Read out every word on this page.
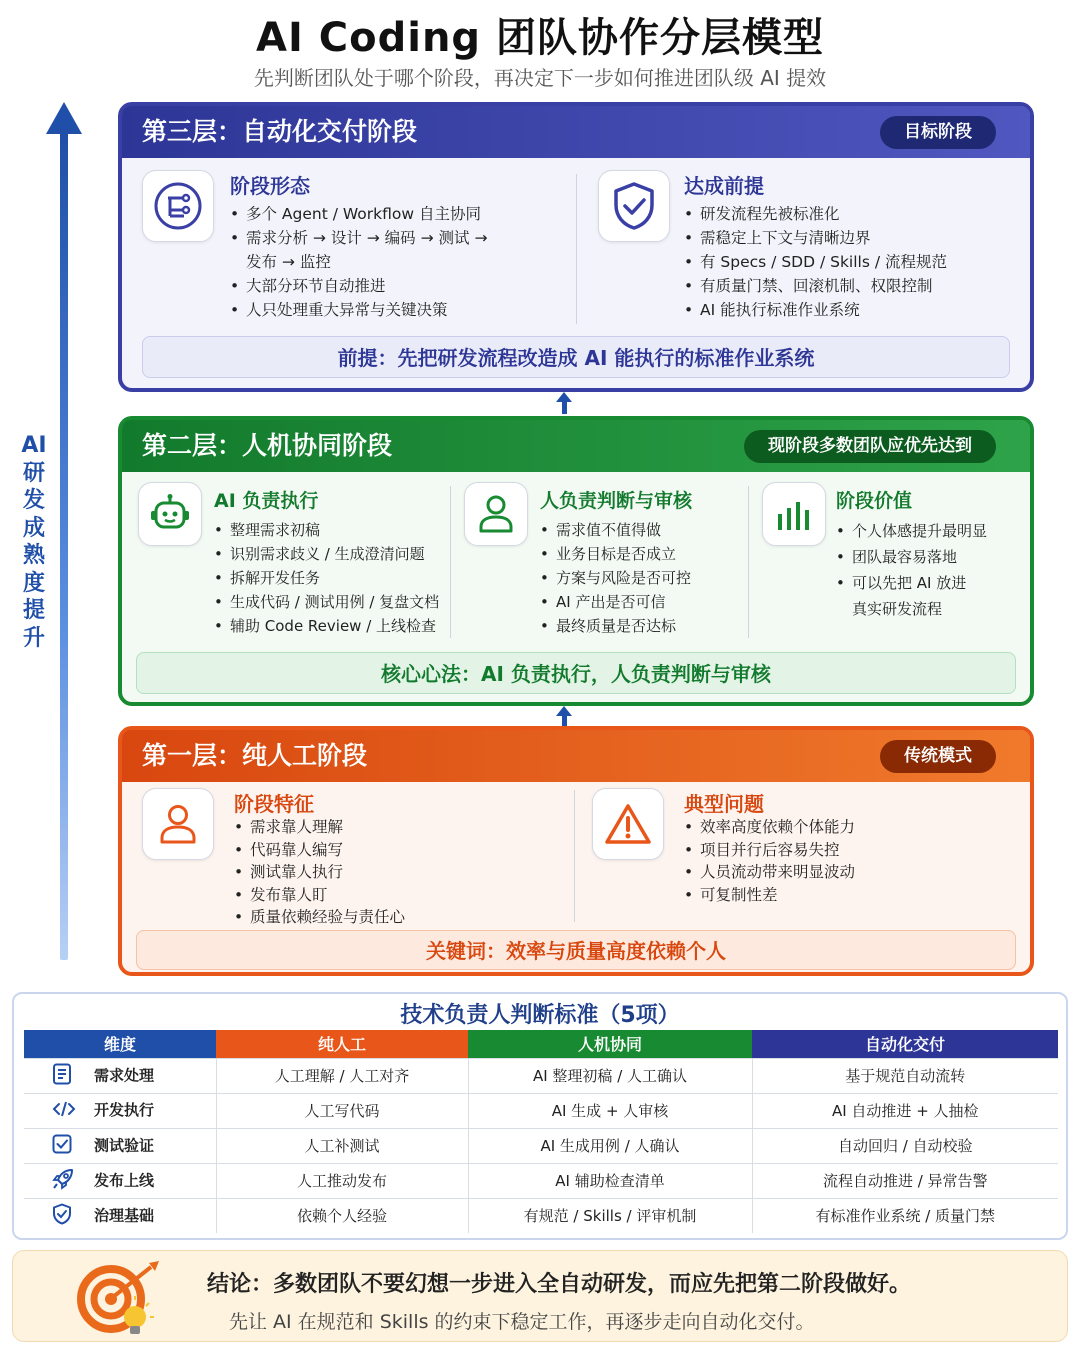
AI Coding 团队协作分层模型
先判断团队处于哪个阶段，再决定下一步如何推进团队级 AI 提效
AI研发成熟度提升
第三层：自动化交付阶段	目标阶段
阶段形态
• 多个 Agent / Workflow 自主协同
• 需求分析 → 设计 → 编码 → 测试 →
发布 → 监控
• 大部分环节自动推进
• 人只处理重大异常与关键决策
达成前提
• 研发流程先被标准化
• 需稳定上下文与清晰边界
• 有 Specs / SDD / Skills / 流程规范
• 有质量门禁、回滚机制、权限控制
• AI 能执行标准作业系统
前提：先把研发流程改造成 AI 能执行的标准作业系统
第二层：人机协同阶段	现阶段多数团队应优先达到
AI 负责执行
• 整理需求初稿
• 识别需求歧义 / 生成澄清问题
• 拆解开发任务
• 生成代码 / 测试用例 / 复盘文档
• 辅助 Code Review / 上线检查
人负责判断与审核
• 需求值不值得做
• 业务目标是否成立
• 方案与风险是否可控
• AI 产出是否可信
• 最终质量是否达标
阶段价值
• 个人体感提升最明显
• 团队最容易落地
• 可以先把 AI 放进
真实研发流程
核心心法：AI 负责执行，人负责判断与审核
第一层：纯人工阶段	传统模式
阶段特征
• 需求靠人理解
• 代码靠人编写
• 测试靠人执行
• 发布靠人盯
• 质量依赖经验与责任心
典型问题
• 效率高度依赖个体能力
• 项目并行后容易失控
• 人员流动带来明显波动
• 可复制性差
关键词：效率与质量高度依赖个人
技术负责人判断标准（5项）
维度	纯人工	人机协同	自动化交付
需求处理	人工理解 / 人工对齐	AI 整理初稿 / 人工确认	基于规范自动流转
开发执行	人工写代码	AI 生成 + 人审核	AI 自动推进 + 人抽检
测试验证	人工补测试	AI 生成用例 / 人确认	自动回归 / 自动校验
发布上线	人工推动发布	AI 辅助检查清单	流程自动推进 / 异常告警
治理基础	依赖个人经验	有规范 / Skills / 评审机制	有标准作业系统 / 质量门禁
结论：多数团队不要幻想一步进入全自动研发，而应先把第二阶段做好。
先让 AI 在规范和 Skills 的约束下稳定工作，再逐步走向自动化交付。
